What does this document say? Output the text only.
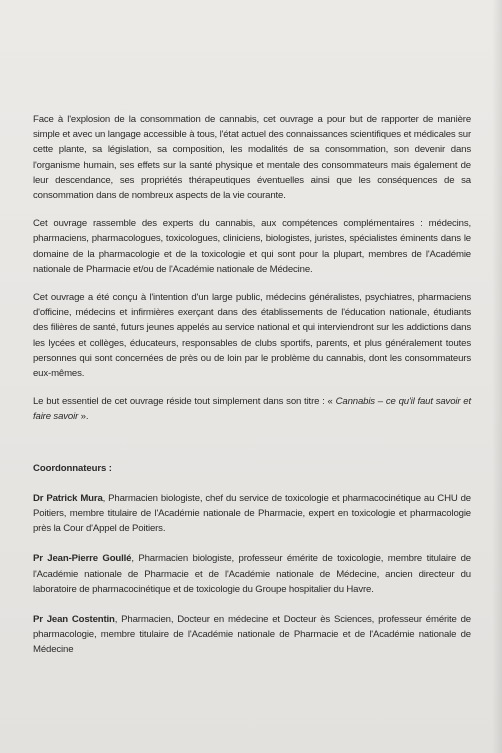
Face à l'explosion de la consommation de cannabis, cet ouvrage a pour but de rapporter de manière simple et avec un langage accessible à tous, l'état actuel des connaissances scientifiques et médicales sur cette plante, sa législation, sa composition, les modalités de sa consommation, son devenir dans l'organisme humain, ses effets sur la santé physique et mentale des consommateurs mais également de leur descendance, ses propriétés thérapeutiques éventuelles ainsi que les conséquences de sa consommation dans de nombreux aspects de la vie courante.

Cet ouvrage rassemble des experts du cannabis, aux compétences complémentaires : médecins, pharmaciens, pharmacologues, toxicologues, cliniciens, biologistes, juristes, spécialistes éminents dans le domaine de la pharmacologie et de la toxicologie et qui sont pour la plupart, membres de l'Académie nationale de Pharmacie et/ou de l'Académie nationale de Médecine.

Cet ouvrage a été conçu à l'intention d'un large public, médecins généralistes, psychiatres, pharmaciens d'officine, médecins et infirmières exerçant dans des établissements de l'éducation nationale, étudiants des filières de santé, futurs jeunes appelés au service national et qui interviendront sur les addictions dans les lycées et collèges, éducateurs, responsables de clubs sportifs, parents, et plus généralement toutes personnes qui sont concernées de près ou de loin par le problème du cannabis, dont les consommateurs eux-mêmes.

Le but essentiel de cet ouvrage réside tout simplement dans son titre : « Cannabis – ce qu'il faut savoir et faire savoir ».

Coordonnateurs :

Dr Patrick Mura, Pharmacien biologiste, chef du service de toxicologie et pharmacocinétique au CHU de Poitiers, membre titulaire de l'Académie nationale de Pharmacie, expert en toxicologie et pharmacologie près la Cour d'Appel de Poitiers.

Pr Jean-Pierre Goullé, Pharmacien biologiste, professeur émérite de toxicologie, membre titulaire de l'Académie nationale de Pharmacie et de l'Académie nationale de Médecine, ancien directeur du laboratoire de pharmacocinétique et de toxicologie du Groupe hospitalier du Havre.

Pr Jean Costentin, Pharmacien, Docteur en médecine et Docteur ès Sciences, professeur émérite de pharmacologie, membre titulaire de l'Académie nationale de Pharmacie et de l'Académie nationale de Médecine
